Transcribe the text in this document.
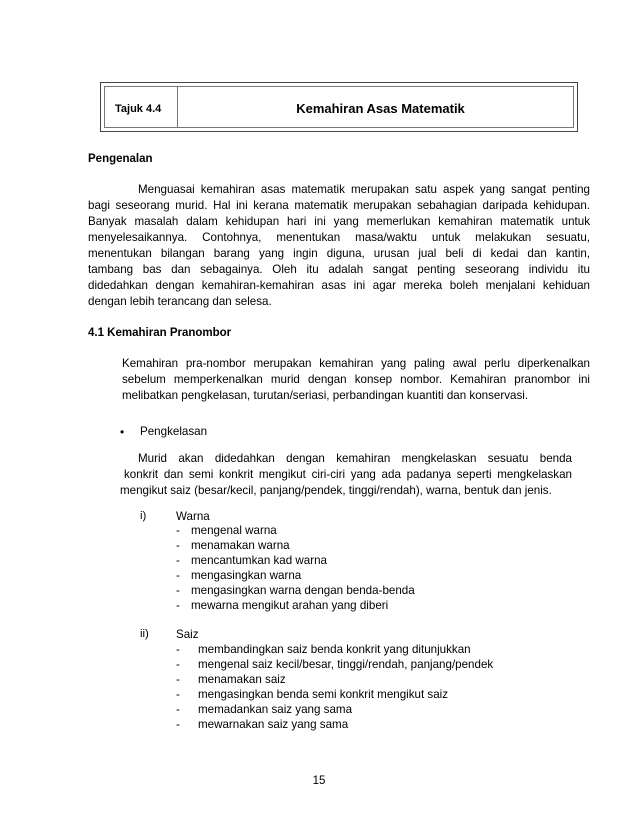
Tajuk 4.4	Kemahiran Asas Matematik
Pengenalan
Menguasai kemahiran asas matematik merupakan satu aspek yang sangat penting
bagi seseorang murid. Hal ini kerana matematik merupakan sebahagian daripada kehidupan.
Banyak masalah dalam kehidupan hari ini yang memerlukan kemahiran matematik untuk
menyelesaikannya. Contohnya, menentukan masa/waktu untuk melakukan sesuatu,
menentukan bilangan barang yang ingin diguna, urusan jual beli di kedai dan kantin,
tambang bas dan sebagainya. Oleh itu adalah sangat penting seseorang individu itu
didedahkan dengan kemahiran-kemahiran asas ini agar mereka boleh menjalani kehiduan
dengan lebih terancang dan selesa.
4.1 Kemahiran Pranombor
Kemahiran pra-nombor merupakan kemahiran yang paling awal perlu diperkenalkan
sebelum memperkenalkan murid dengan konsep nombor. Kemahiran pranombor ini
melibatkan pengkelasan, turutan/seriasi, perbandingan kuantiti dan konservasi.
• Pengkelasan
Murid akan didedahkan dengan kemahiran mengkelaskan sesuatu benda
konkrit dan semi konkrit mengikut ciri-ciri yang ada padanya seperti mengkelaskan
mengikut saiz (besar/kecil, panjang/pendek, tinggi/rendah), warna, bentuk dan jenis.
i)	Warna
- mengenal warna
- menamakan warna
- mencantumkan kad warna
- mengasingkan warna
- mengasingkan warna dengan benda-benda
- mewarna mengikut arahan yang diberi
ii) Saiz
- membandingkan saiz benda konkrit yang ditunjukkan
- mengenal saiz kecil/besar, tinggi/rendah, panjang/pendek
- menamakan saiz
- mengasingkan benda semi konkrit mengikut saiz
- memadankan saiz yang sama
- mewarnakan saiz yang sama
15
